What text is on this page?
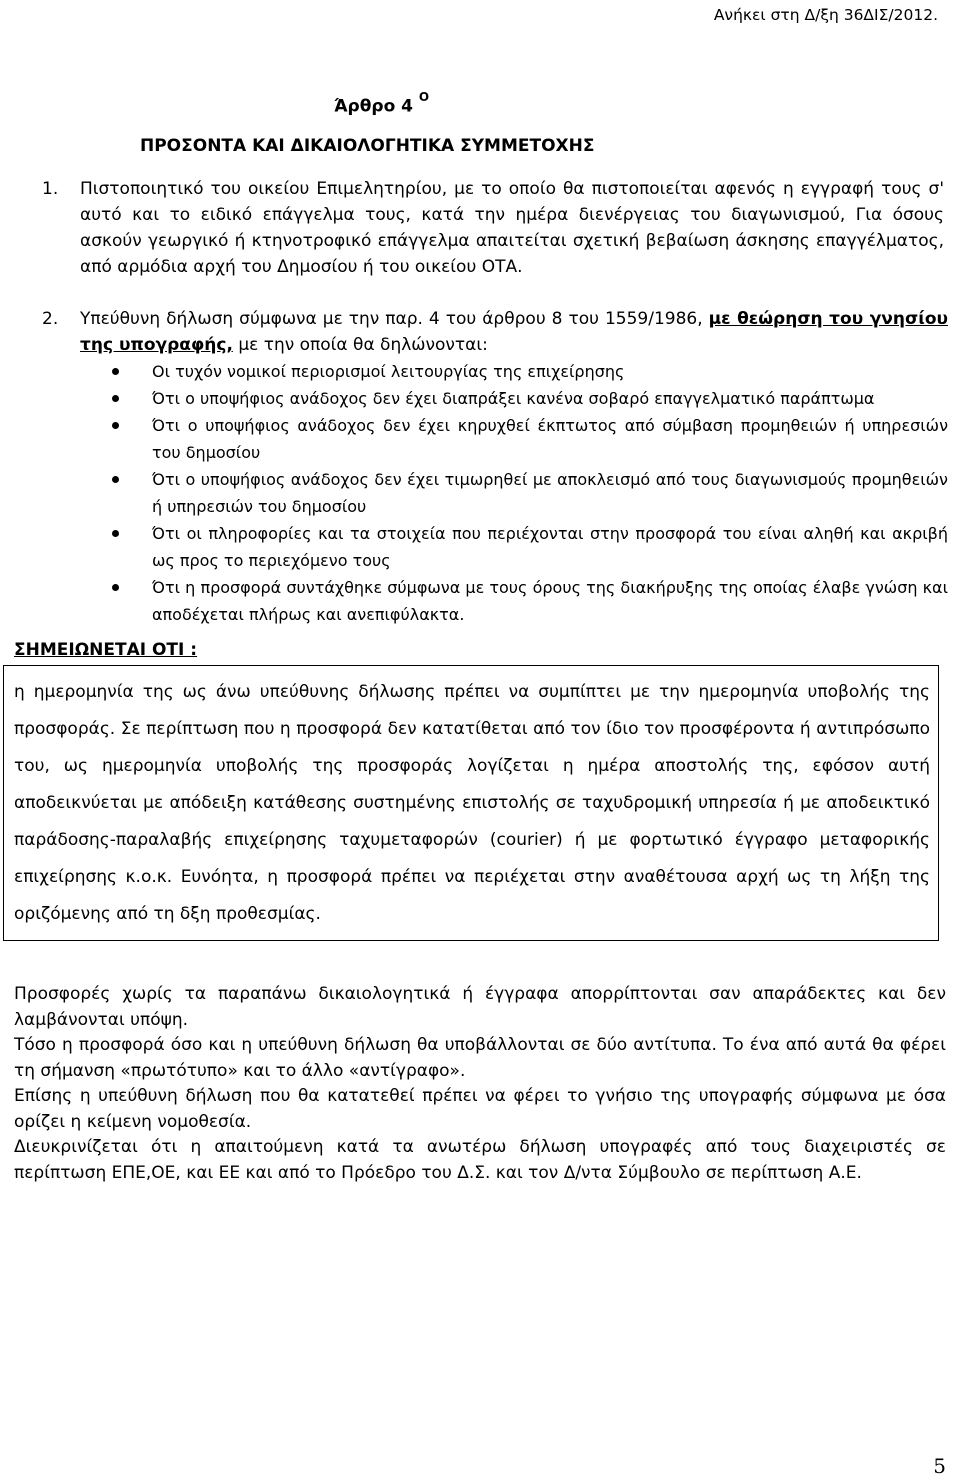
Ανήκει στη Δ/ξη 36ΔΙΣ/2012.
Άρθρο 4 $^O$
ΠΡΟΣΟΝΤΑ ΚΑΙ ΔΙΚΑΙΟΛΟΓΗΤΙΚΑ ΣΥΜΜΕΤΟΧΗΣ
1.	Πιστοποιητικό του οικείου Επιμελητηρίου, με το οποίο θα πιστοποιείται αφενός η εγγραφή τους σ' αυτό και το ειδικό επάγγελμα τους, κατά την ημέρα διενέργειας του διαγωνισμού, Για όσους ασκούν γεωργικό ή κτηνοτροφικό επάγγελμα απαιτείται σχετική βεβαίωση άσκησης επαγγέλματος, από αρμόδια αρχή του Δημοσίου ή του οικείου ΟΤΑ.
2.	Υπεύθυνη δήλωση σύμφωνα με την παρ. 4 του άρθρου 8 του 1559/1986, με θεώρηση του γνησίου της υπογραφής, με την οποία θα δηλώνονται:
Οι τυχόν νομικοί περιορισμοί λειτουργίας της επιχείρησης
Ότι ο υποψήφιος ανάδοχος δεν έχει διαπράξει κανένα σοβαρό επαγγελματικό παράπτωμα
Ότι ο υποψήφιος ανάδοχος δεν έχει κηρυχθεί έκπτωτος από σύμβαση προμηθειών ή υπηρεσιών του δημοσίου
Ότι ο υποψήφιος ανάδοχος δεν έχει τιμωρηθεί με αποκλεισμό από τους διαγωνισμούς προμηθειών ή υπηρεσιών του δημοσίου
Ότι οι πληροφορίες και τα στοιχεία που περιέχονται στην προσφορά του είναι αληθή και ακριβή ως προς το περιεχόμενο τους
Ότι η προσφορά συντάχθηκε σύμφωνα με τους όρους της διακήρυξης της οποίας έλαβε γνώση και αποδέχεται πλήρως και ανεπιφύλακτα.
ΣΗΜΕΙΩΝΕΤΑΙ ΟΤΙ :
η ημερομηνία της ως άνω υπεύθυνης δήλωσης πρέπει να συμπίπτει με την ημερομηνία υποβολής της προσφοράς. Σε περίπτωση που η προσφορά δεν κατατίθεται από τον ίδιο τον προσφέροντα ή αντιπρόσωπο του, ως ημερομηνία υποβολής της προσφοράς λογίζεται η ημέρα αποστολής της, εφόσον αυτή αποδεικνύεται με απόδειξη κατάθεσης συστημένης επιστολής σε ταχυδρομική υπηρεσία ή με αποδεικτικό παράδοσης-παραλαβής επιχείρησης ταχυμεταφορών (courier) ή με φορτωτικό έγγραφο μεταφορικής επιχείρησης κ.ο.κ. Ευνόητα, η προσφορά πρέπει να περιέχεται στην αναθέτουσα αρχή ως τη λήξη της οριζόμενης από τη δξη προθεσμίας.

Προσφορές χωρίς τα παραπάνω δικαιολογητικά ή έγγραφα απορρίπτονται σαν απαράδεκτες και δεν λαμβάνονται υπόψη.

Τόσο η προσφορά όσο και η υπεύθυνη δήλωση θα υποβάλλονται σε δύο αντίτυπα. Το ένα από αυτά θα φέρει τη σήμανση «πρωτότυπο» και το άλλο «αντίγραφο».

Επίσης η υπεύθυνη δήλωση που θα κατατεθεί πρέπει να φέρει το γνήσιο της υπογραφής σύμφωνα με όσα ορίζει η κείμενη νομοθεσία.

Διευκρινίζεται ότι η απαιτούμενη κατά τα ανωτέρω δήλωση υπογραφές από τους διαχειριστές σε περίπτωση ΕΠΕ,ΟΕ, και ΕΕ και από το Πρόεδρο του Δ.Σ. και τον Δ/ντα Σύμβουλο σε περίπτωση Α.Ε.

5
